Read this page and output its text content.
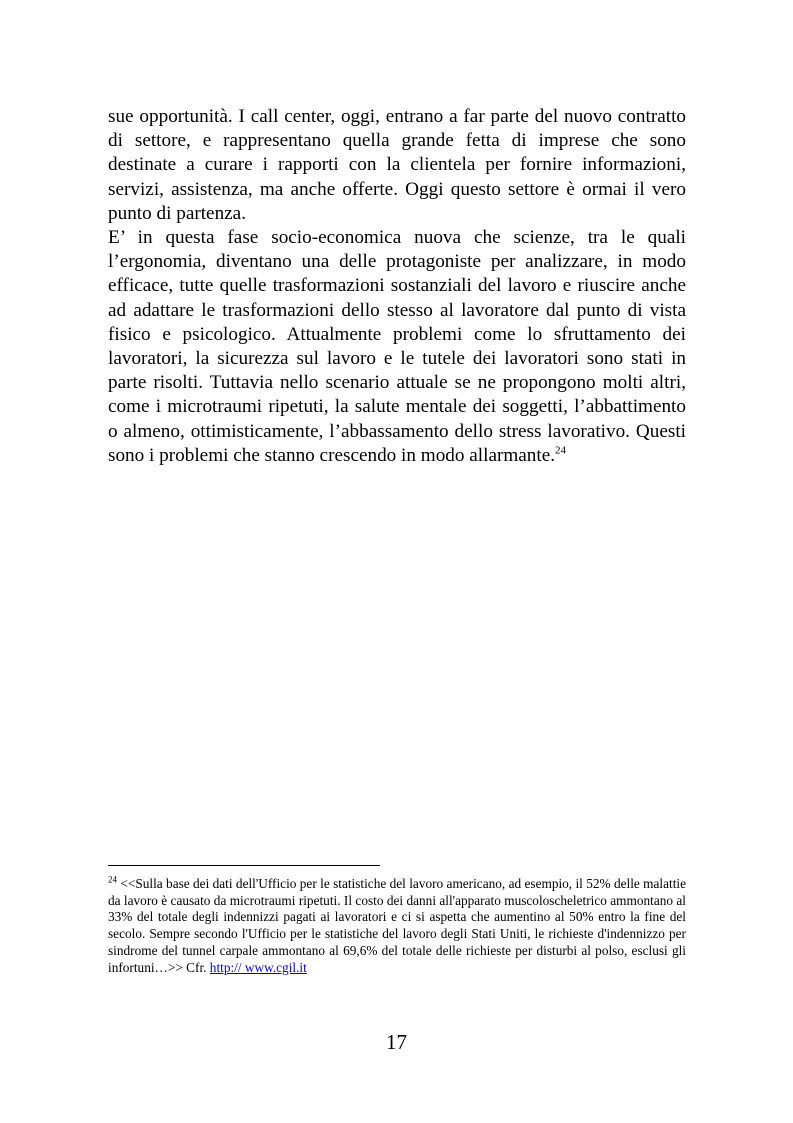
sue opportunità. I call center, oggi, entrano a far parte del nuovo contratto di settore, e rappresentano quella grande fetta di imprese che sono destinate a curare i rapporti con la clientela per fornire informazioni, servizi, assistenza, ma anche offerte. Oggi questo settore è ormai il vero punto di partenza.

E’ in questa fase socio-economica nuova che scienze, tra le quali l’ergonomia, diventano una delle protagoniste per analizzare, in modo efficace, tutte quelle trasformazioni sostanziali del lavoro e riuscire anche ad adattare le trasformazioni dello stesso al lavoratore dal punto di vista fisico e psicologico. Attualmente problemi come lo sfruttamento dei lavoratori, la sicurezza sul lavoro e le tutele dei lavoratori sono stati in parte risolti. Tuttavia nello scenario attuale se ne propongono molti altri, come i microtraumi ripetuti, la salute mentale dei soggetti, l’abbattimento o almeno, ottimisticamente, l’abbassamento dello stress lavorativo. Questi sono i problemi che stanno crescendo in modo allarmante.$^{24}$

$^{24}$ <<Sulla base dei dati dell'Ufficio per le statistiche del lavoro americano, ad esempio, il 52% delle malattie da lavoro è causato da microtraumi ripetuti. Il costo dei danni all'apparato muscoloscheletrico ammontano al 33% del totale degli indennizzi pagati ai lavoratori e ci si aspetta che aumentino al 50% entro la fine del secolo. Sempre secondo l'Ufficio per le statistiche del lavoro degli Stati Uniti, le richieste d'indennizzo per sindrome del tunnel carpale ammontano al 69,6% del totale delle richieste per disturbi al polso, esclusi gli infortuni…>> Cfr. http:// www.cgil.it

17
